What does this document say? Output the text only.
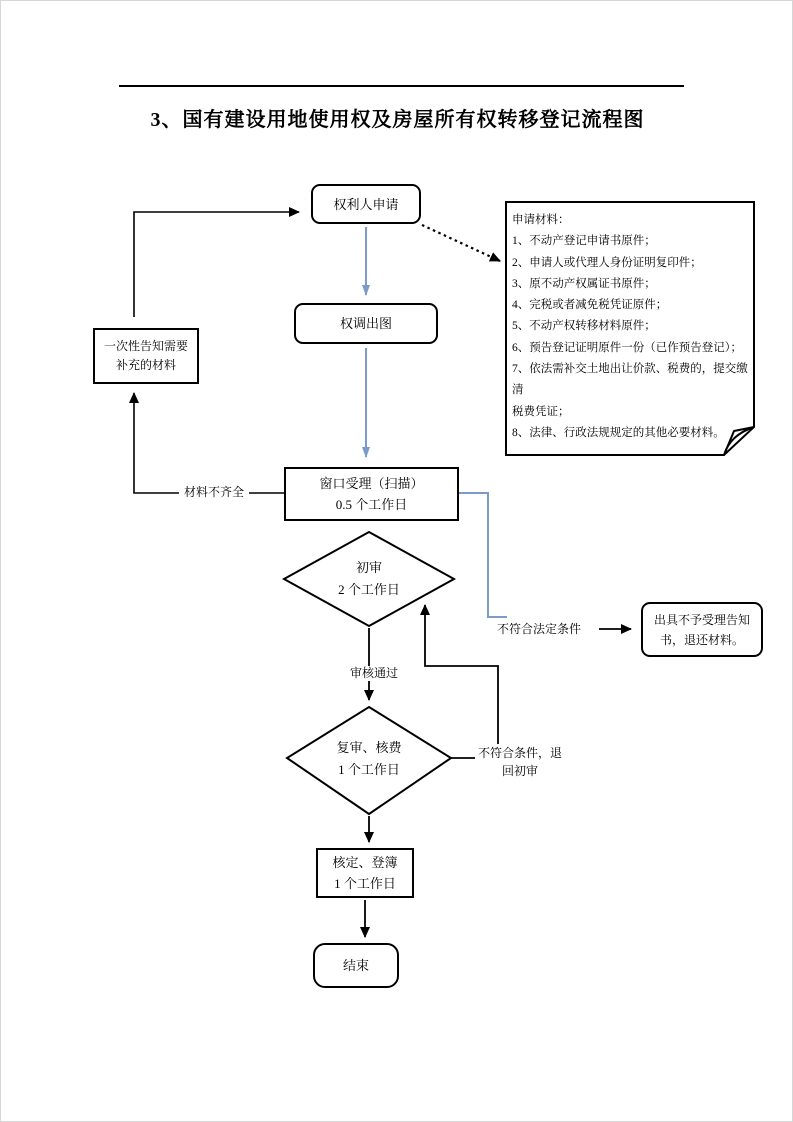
3、国有建设用地使用权及房屋所有权转移登记流程图
权利人申请
权调出图
一次性告知需要
补充的材料
窗口受理（扫描）
0.5 个工作日
初审
2 个工作日
复审、核费
1 个工作日
出具不予受理告知
书，退还材料。
核定、登簿
1 个工作日
结束
申请材料：
1、不动产登记申请书原件；
2、申请人或代理人身份证明复印件；
3、原不动产权属证书原件；
4、完税或者减免税凭证原件；
5、不动产权转移材料原件；
6、预告登记证明原件一份（已作预告登记）；
7、依法需补交土地出让价款、税费的，提交缴清
税费凭证；
8、法律、行政法规规定的其他必要材料。
材料不齐全
审核通过
不符合法定条件
不符合条件，退
回初审
